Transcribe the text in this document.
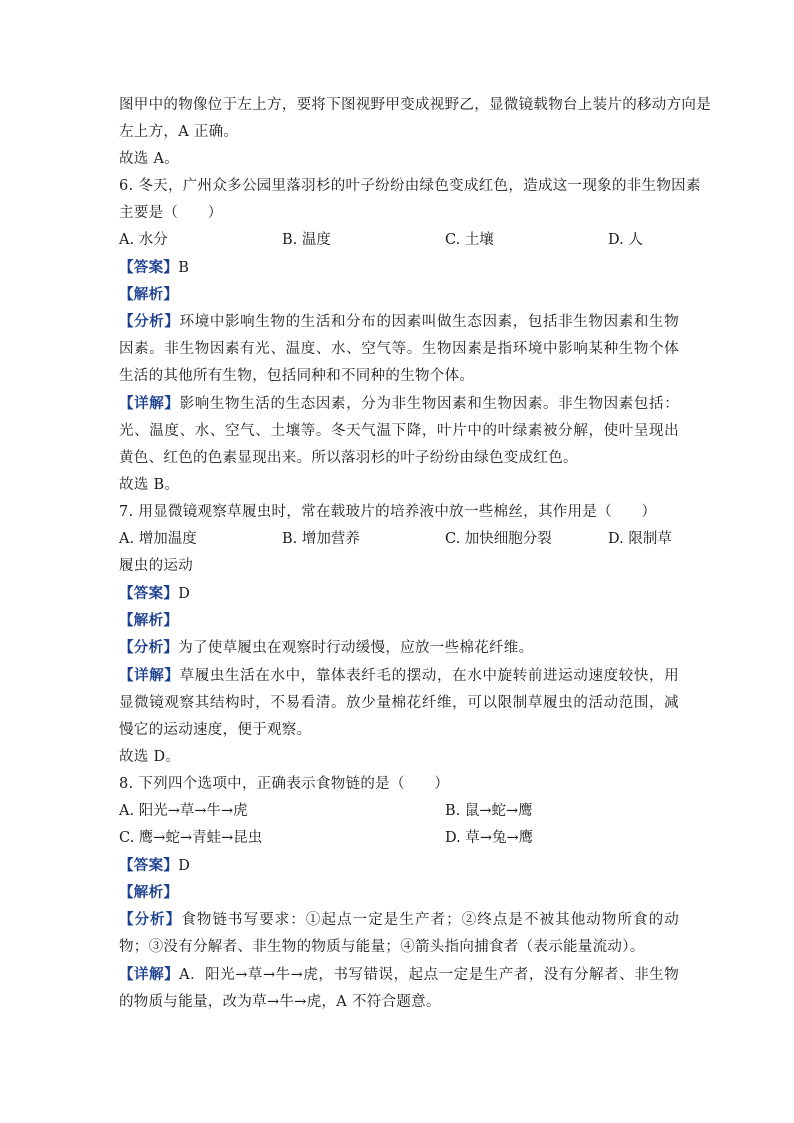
图甲中的物像位于左上方，要将下图视野甲变成视野乙，显微镜载物台上装片的移动方向是
左上方，A 正确。
故选 A。
6. 冬天，广州众多公园里落羽杉的叶子纷纷由绿色变成红色，造成这一现象的非生物因素
主要是（　　）
A. 水分	B. 温度	C. 土壤	D. 人
【答案】B
【解析】
【分析】环境中影响生物的生活和分布的因素叫做生态因素，包括非生物因素和生物因素。非生物因素有光、温度、水、空气等。生物因素是指环境中影响某种生物个体生活的其他所有生物，包括同种和不同种的生物个体。
【详解】影响生物生活的生态因素，分为非生物因素和生物因素。非生物因素包括：光、温度、水、空气、土壤等。冬天气温下降，叶片中的叶绿素被分解，使叶呈现出黄色、红色的色素显现出来。所以落羽杉的叶子纷纷由绿色变成红色。
故选 B。
7. 用显微镜观察草履虫时，常在载玻片的培养液中放一些棉丝，其作用是（　　）
A. 增加温度	B. 增加营养	C. 加快细胞分裂	D. 限制草
履虫的运动
【答案】D
【解析】
【分析】为了使草履虫在观察时行动缓慢，应放一些棉花纤维。
【详解】草履虫生活在水中，靠体表纤毛的摆动，在水中旋转前进运动速度较快，用显微镜观察其结构时，不易看清。放少量棉花纤维，可以限制草履虫的活动范围，减慢它的运动速度，便于观察。
故选 D。
8. 下列四个选项中，正确表示食物链的是（　　）
A. 阳光→草→牛→虎	B. 鼠→蛇→鹰
C. 鹰→蛇→青蛙→昆虫	D. 草→兔→鹰
【答案】D
【解析】
【分析】食物链书写要求：①起点一定是生产者；②终点是不被其他动物所食的动物；③没有分解者、非生物的物质与能量；④箭头指向捕食者（表示能量流动）。
【详解】A．阳光→草→牛→虎，书写错误，起点一定是生产者，没有分解者、非生物的物质与能量，改为草→牛→虎，A 不符合题意。
